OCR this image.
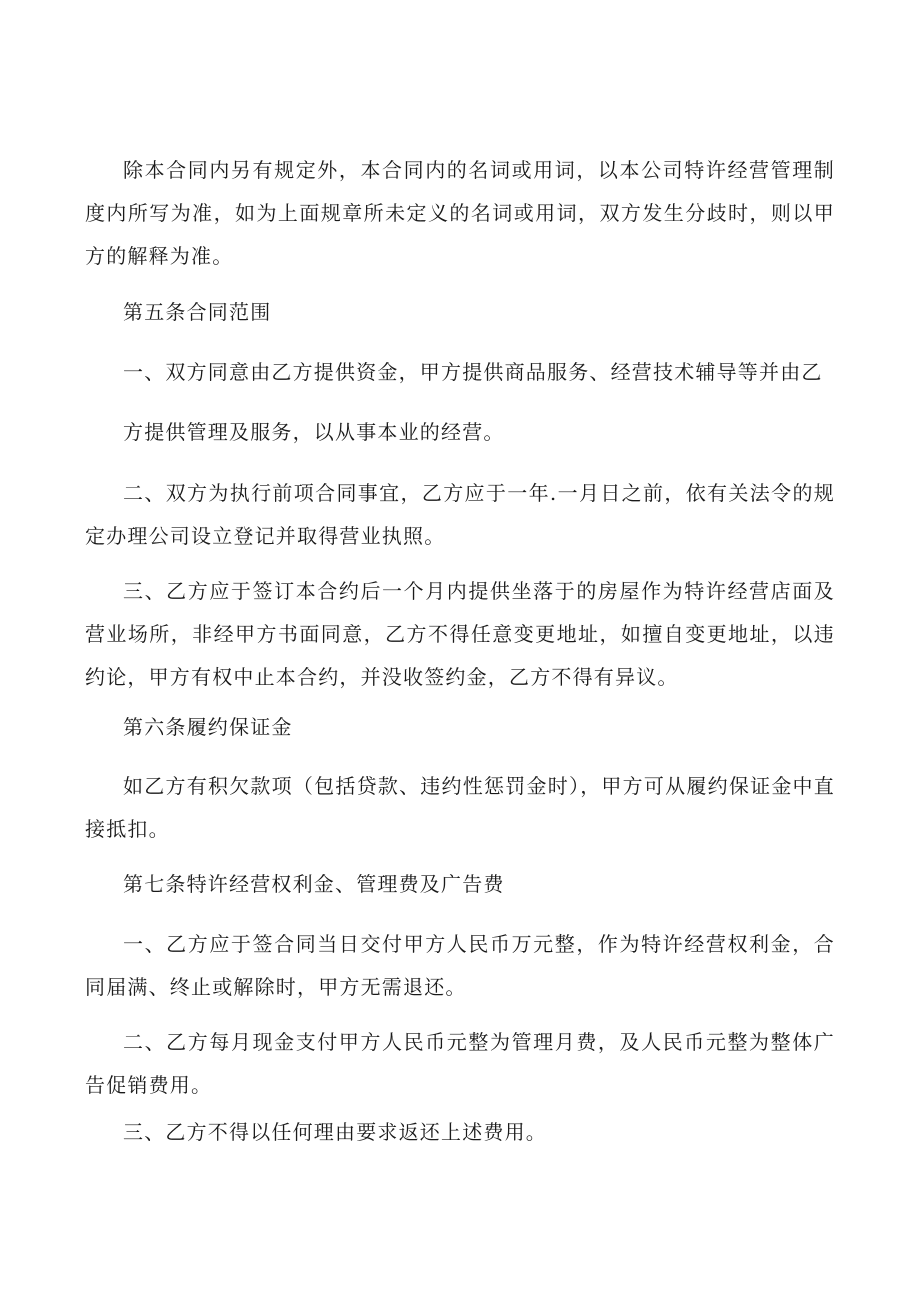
除本合同内另有规定外，本合同内的名词或用词，以本公司特许经营管理制度内所写为准，如为上面规章所未定义的名词或用词，双方发生分歧时，则以甲方的解释为准。

第五条合同范围

一、双方同意由乙方提供资金，甲方提供商品服务、经营技术辅导等并由乙

方提供管理及服务，以从事本业的经营。

二、双方为执行前项合同事宜，乙方应于一年.一月日之前，依有关法令的规定办理公司设立登记并取得营业执照。

三、乙方应于签订本合约后一个月内提供坐落于的房屋作为特许经营店面及营业场所，非经甲方书面同意，乙方不得任意变更地址，如擅自变更地址，以违约论，甲方有权中止本合约，并没收签约金，乙方不得有异议。

第六条履约保证金

如乙方有积欠款项（包括贷款、违约性惩罚金时），甲方可从履约保证金中直接抵扣。

第七条特许经营权利金、管理费及广告费

一、乙方应于签合同当日交付甲方人民币万元整，作为特许经营权利金，合同届满、终止或解除时，甲方无需退还。

二、乙方每月现金支付甲方人民币元整为管理月费，及人民币元整为整体广告促销费用。

三、乙方不得以任何理由要求返还上述费用。
